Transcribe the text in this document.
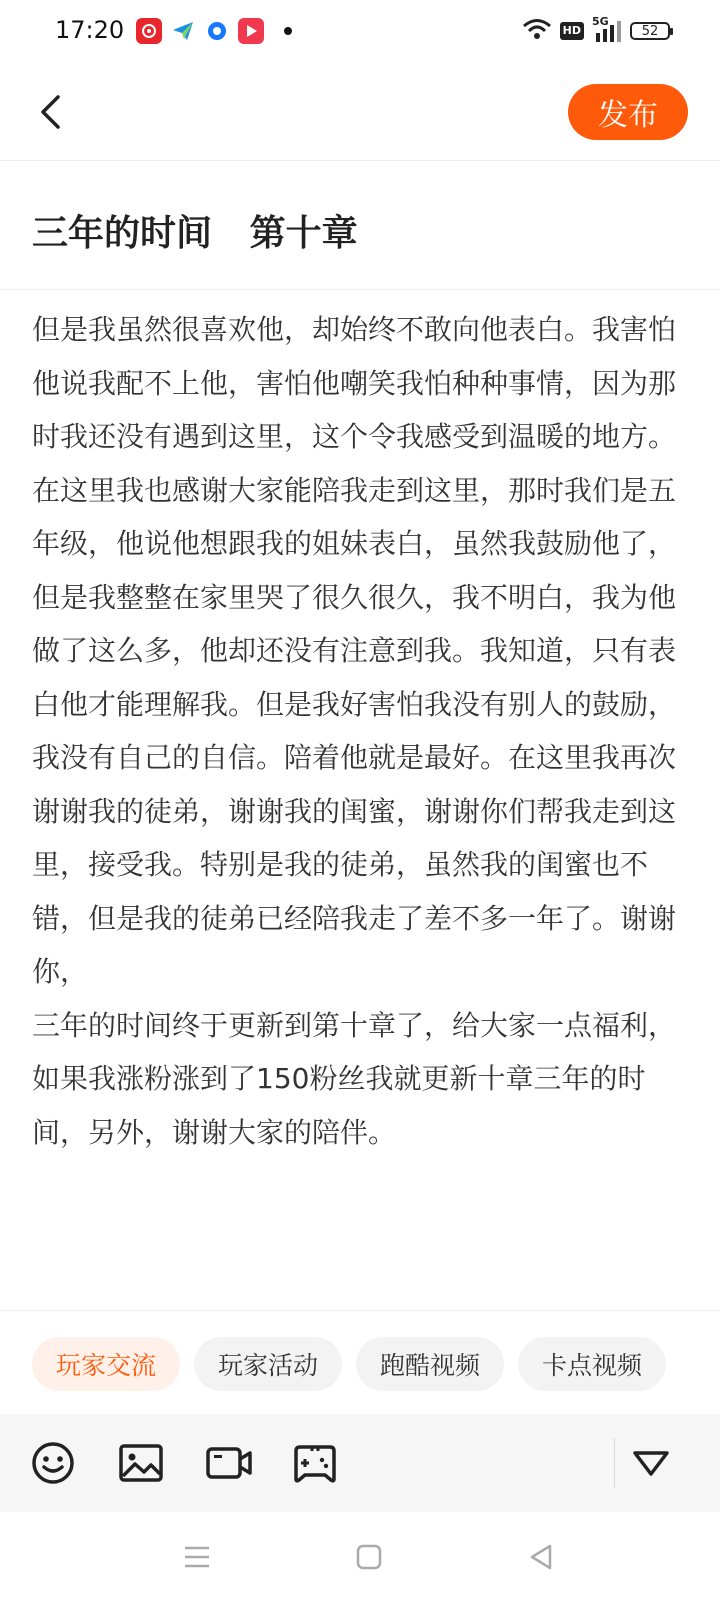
17:20	HD
5G
52
发布
三年的时间   第十章
但是我虽然很喜欢他，却始终不敢向他表白。我害怕他说我配不上他，害怕他嘲笑我怕种种事情，因为那时我还没有遇到这里，这个令我感受到温暖的地方。在这里我也感谢大家能陪我走到这里，那时我们是五年级，他说他想跟我的姐妹表白，虽然我鼓励他了，但是我整整在家里哭了很久很久，我不明白，我为他做了这么多，他却还没有注意到我。我知道，只有表白他才能理解我。但是我好害怕我没有别人的鼓励，我没有自己的自信。陪着他就是最好。在这里我再次谢谢我的徒弟，谢谢我的闺蜜，谢谢你们帮我走到这里，接受我。特别是我的徒弟，虽然我的闺蜜也不错，但是我的徒弟已经陪我走了差不多一年了。谢谢你，
三年的时间终于更新到第十章了，给大家一点福利，如果我涨粉涨到了150粉丝我就更新十章三年的时间，另外，谢谢大家的陪伴。
玩家交流	玩家活动	跑酷视频	卡点视频
